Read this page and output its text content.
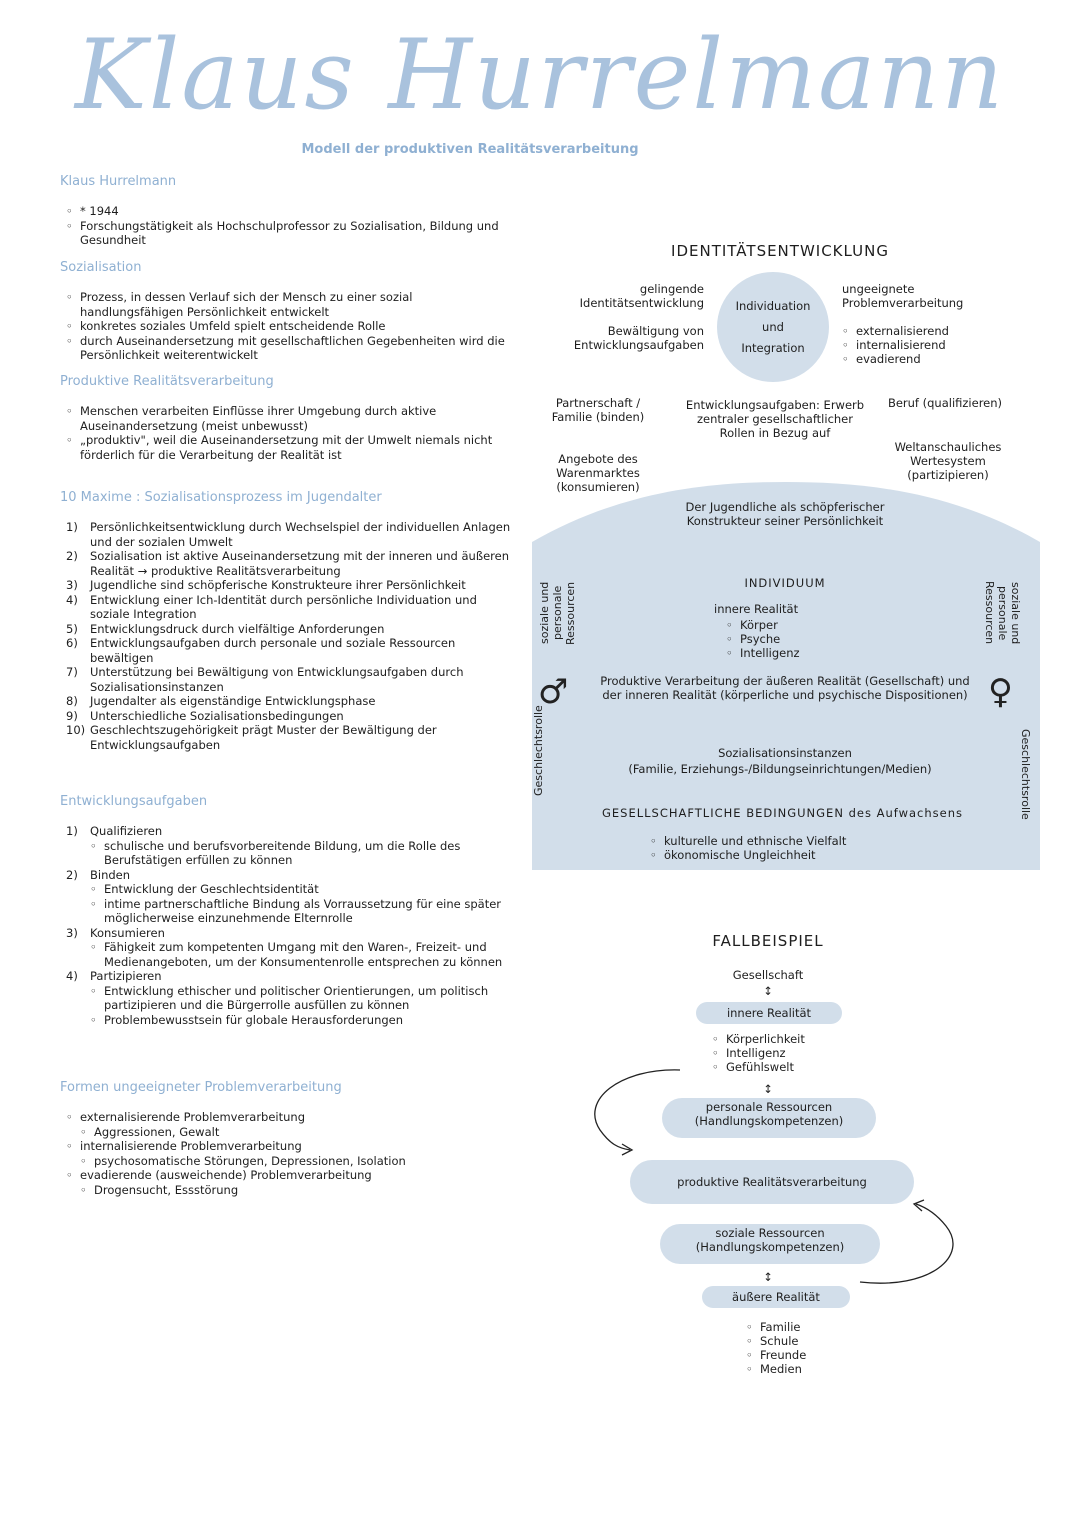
Klaus Hurrelmann
Modell der produktiven Realitätsverarbeitung
Klaus Hurrelmann
◦ * 1944
◦ Forschungstätigkeit als Hochschulprofessor zu Sozialisation, Bildung und Gesundheit
Sozialisation
◦ Prozess, in dessen Verlauf sich der Mensch zu einer sozial handlungsfähigen Persönlichkeit entwickelt
◦ konkretes soziales Umfeld spielt entscheidende Rolle
◦ durch Auseinandersetzung mit gesellschaftlichen Gegebenheiten wird die Persönlichkeit weiterentwickelt
Produktive Realitätsverarbeitung
◦ Menschen verarbeiten Einflüsse ihrer Umgebung durch aktive Auseinandersetzung (meist unbewusst)
◦ „produktiv", weil die Auseinandersetzung mit der Umwelt niemals nicht förderlich für die Verarbeitung der Realität ist
10 Maxime : Sozialisationsprozess im Jugendalter
1) Persönlichkeitsentwicklung durch Wechselspiel der individuellen Anlagen und der sozialen Umwelt
2) Sozialisation ist aktive Auseinandersetzung mit der inneren und äußeren Realität → produktive Realitätsverarbeitung
3) Jugendliche sind schöpferische Konstrukteure ihrer Persönlichkeit
4) Entwicklung einer Ich-Identität durch persönliche Individuation und soziale Integration
5) Entwicklungsdruck durch vielfältige Anforderungen
6) Entwicklungsaufgaben durch personale und soziale Ressourcen bewältigen
7) Unterstützung bei Bewältigung von Entwicklungsaufgaben durch Sozialisationsinstanzen
8) Jugendalter als eigenständige Entwicklungsphase
9) Unterschiedliche Sozialisationsbedingungen
10) Geschlechtszugehörigkeit prägt Muster der Bewältigung der Entwicklungsaufgaben
Entwicklungsaufgaben
1) Qualifizieren
◦ schulische und berufsvorbereitende Bildung, um die Rolle des Berufstätigen erfüllen zu können
2) Binden
◦ Entwicklung der Geschlechtsidentität
◦ intime partnerschaftliche Bindung als Vorraussetzung für eine später möglicherweise einzunehmende Elternrolle
3) Konsumieren
◦ Fähigkeit zum kompetenten Umgang mit den Waren-, Freizeit- und Medienangeboten, um der Konsumentenrolle entsprechen zu können
4) Partizipieren
◦ Entwicklung ethischer und politischer Orientierungen, um politisch partizipieren und die Bürgerrolle ausfüllen zu können
◦ Problembewusstsein für globale Herausforderungen
Formen ungeeigneter Problemverarbeitung
◦ externalisierende Problemverarbeitung
◦ Aggressionen, Gewalt
◦ internalisierende Problemverarbeitung
◦ psychosomatische Störungen, Depressionen, Isolation
◦ evadierende (ausweichende) Problemverarbeitung
◦ Drogensucht, Essstörung
IDENTITÄTSENTWICKLUNG
gelingende Identitätsentwicklung
Bewältigung von Entwicklungsaufgaben
Individuation
und
Integration
ungeeignete Problemverarbeitung
◦ externalisierend
◦ internalisierend
◦ evadierend
Partnerschaft / Familie (binden)
Angebote des Warenmarktes (konsumieren)
Entwicklungsaufgaben: Erwerb zentraler gesellschaftlicher Rollen in Bezug auf
Beruf (qualifizieren)
Weltanschauliches Wertesystem (partizipieren)
Der Jugendliche als schöpferischer Konstrukteur seiner Persönlichkeit
INDIVIDUUM
innere Realität
◦ Körper
◦ Psyche
◦ Intelligenz
soziale und personale Ressourcen	soziale und personale Ressourcen
♂	♀
Produktive Verarbeitung der äußeren Realität (Gesellschaft) und der inneren Realität (körperliche und psychische Dispositionen)
Geschlechtsrolle	Geschlechtsrolle
Sozialisationsinstanzen
(Familie, Erziehungs-/Bildungseinrichtungen/Medien)
GESELLSCHAFTLICHE BEDINGUNGEN des Aufwachsens
◦ kulturelle und ethnische Vielfalt
◦ ökonomische Ungleichheit
FALLBEISPIEL
Gesellschaft
↕
innere Realität
◦ Körperlichkeit
◦ Intelligenz
◦ Gefühlswelt
↕
personale Ressourcen (Handlungskompetenzen)
produktive Realitätsverarbeitung
soziale Ressourcen (Handlungskompetenzen)
↕
äußere Realität
◦ Familie
◦ Schule
◦ Freunde
◦ Medien
